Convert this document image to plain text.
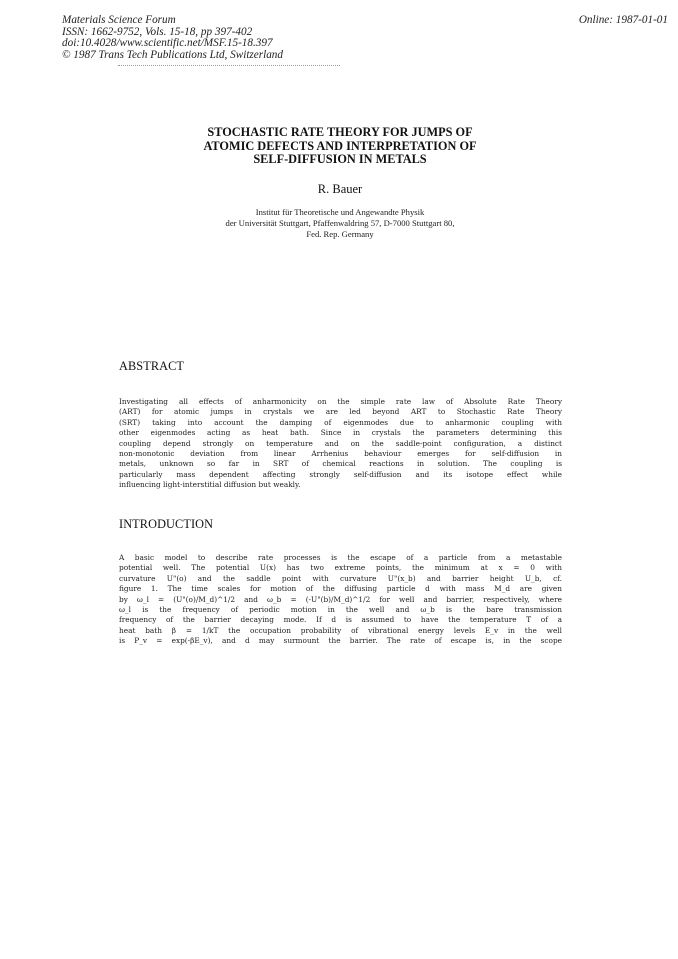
Materials Science Forum
ISSN: 1662-9752, Vols. 15-18, pp 397-402
doi:10.4028/www.scientific.net/MSF.15-18.397
© 1987 Trans Tech Publications Ltd, Switzerland
Online: 1987-01-01
STOCHASTIC RATE THEORY FOR JUMPS OF
ATOMIC DEFECTS AND INTERPRETATION OF
SELF-DIFFUSION IN METALS
R. Bauer
Institut für Theoretische und Angewandte Physik
der Universität Stuttgart, Pfaffenwaldring 57, D-7000 Stuttgart 80,
Fed. Rep. Germany
ABSTRACT
Investigating all effects of anharmonicity on the simple rate law of Absolute Rate Theory
(ART) for atomic jumps in crystals we are led beyond ART to Stochastic Rate Theory
(SRT) taking into account the damping of eigenmodes due to anharmonic coupling with
other eigenmodes acting as heat bath. Since in crystals the parameters determining this
coupling depend strongly on temperature and on the saddle-point configuration, a distinct
non-monotonic deviation from linear Arrhenius behaviour emerges for self-diffusion in
metals, unknown so far in SRT of chemical reactions in solution. The coupling is
particularly mass dependent affecting strongly self-diffusion and its isotope effect while
influencing light-interstitial diffusion but weakly.
INTRODUCTION
A basic model to describe rate processes is the escape of a particle from a metastable
potential well. The potential U(x) has two extreme points, the minimum at x = 0 with
curvature U"(o) and the saddle point with curvature U"(x_b) and barrier height U_b, cf.
figure 1. The time scales for motion of the diffusing particle d with mass M_d are given
by ω_l = (U"(o)/M_d)^1/2 and ω_b = (-U"(b)/M_d)^1/2 for well and barrier, respectively, where
ω_l is the frequency of periodic motion in the well and ω_b is the bare transmission
frequency of the barrier decaying mode. If d is assumed to have the temperature T of a
heat bath β = 1/kT the occupation probability of vibrational energy levels E_v in the well
is P_v = exp(-βE_v), and d may surmount the barrier. The rate of escape is, in the scope
